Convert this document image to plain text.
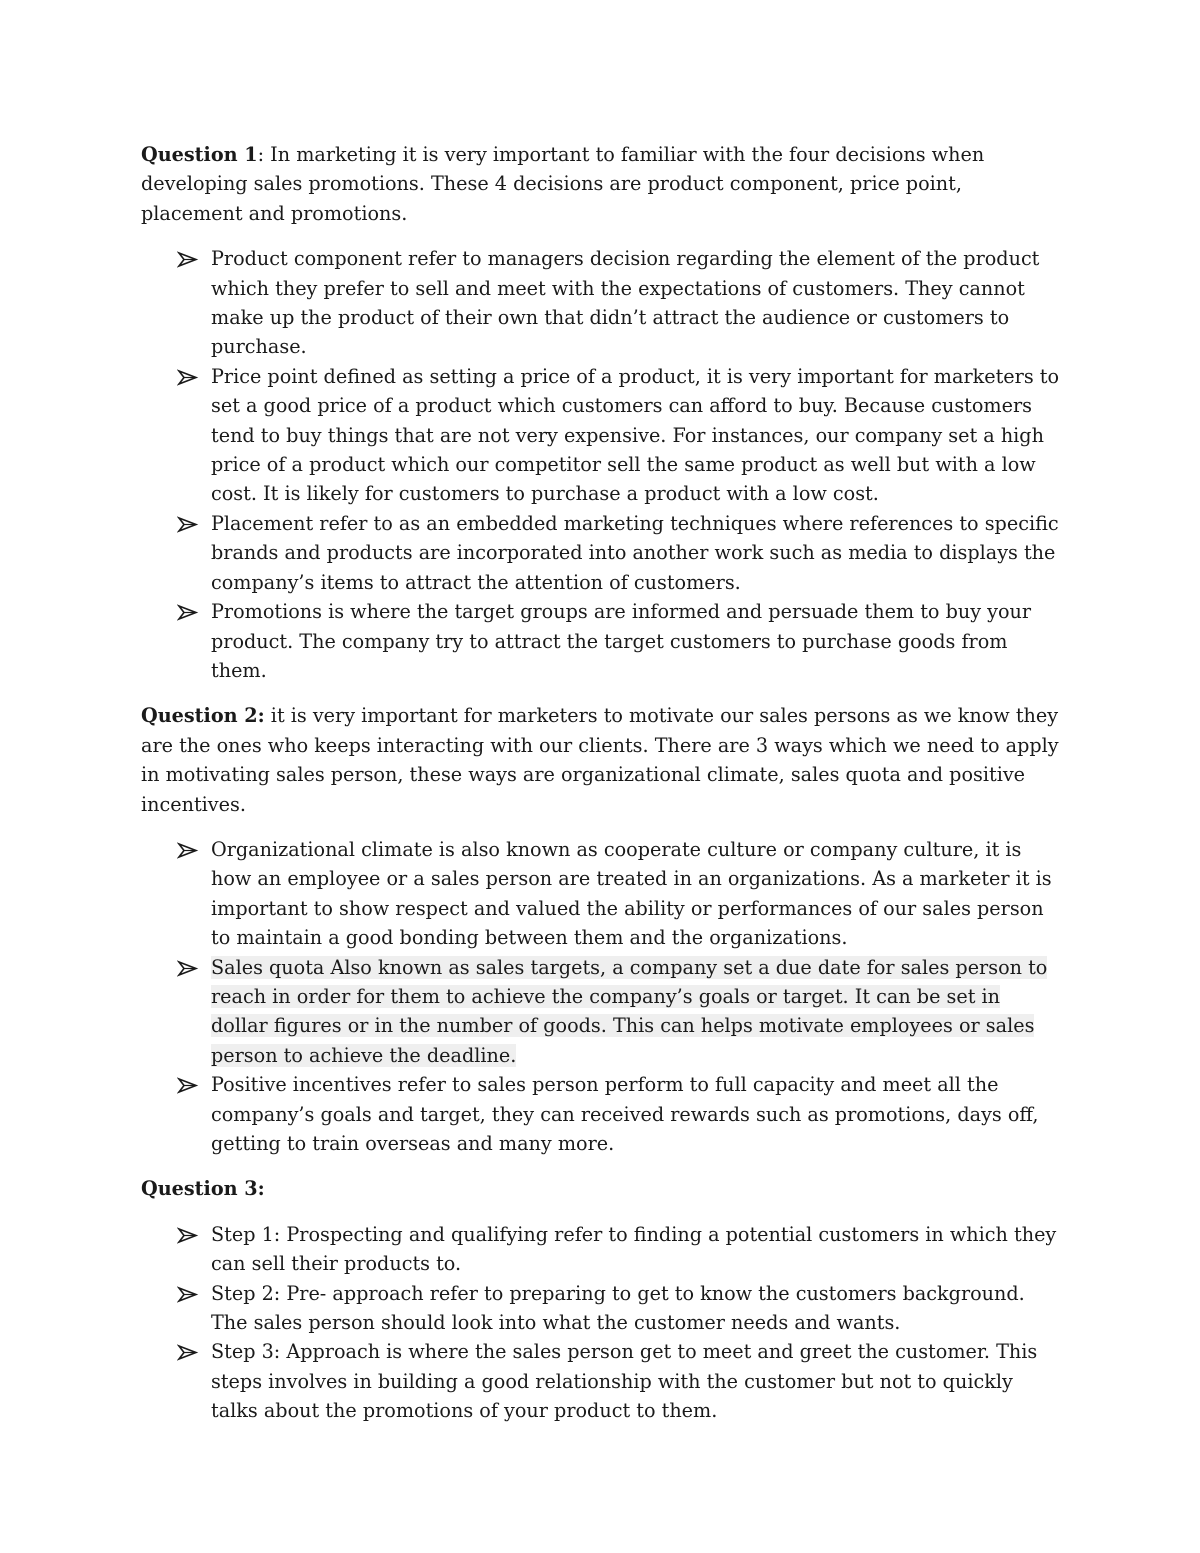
Question 1: In marketing it is very important to familiar with the four decisions when developing sales promotions. These 4 decisions are product component, price point, placement and promotions.

Product component refer to managers decision regarding the element of the product which they prefer to sell and meet with the expectations of customers. They cannot make up the product of their own that didn’t attract the audience or customers to purchase.
Price point defined as setting a price of a product, it is very important for marketers to set a good price of a product which customers can afford to buy. Because customers tend to buy things that are not very expensive. For instances, our company set a high price of a product which our competitor sell the same product as well but with a low cost. It is likely for customers to purchase a product with a low cost.
Placement refer to as an embedded marketing techniques where references to specific brands and products are incorporated into another work such as media to displays the company’s items to attract the attention of customers.
Promotions is where the target groups are informed and persuade them to buy your product. The company try to attract the target customers to purchase goods from them.

Question 2: it is very important for marketers to motivate our sales persons as we know they are the ones who keeps interacting with our clients. There are 3 ways which we need to apply in motivating sales person, these ways are organizational climate, sales quota and positive incentives.

Organizational climate is also known as cooperate culture or company culture, it is how an employee or a sales person are treated in an organizations. As a marketer it is important to show respect and valued the ability or performances of our sales person to maintain a good bonding between them and the organizations.
Sales quota Also known as sales targets, a company set a due date for sales person to reach in order for them to achieve the company’s goals or target. It can be set in dollar figures or in the number of goods. This can helps motivate employees or sales person to achieve the deadline.
Positive incentives refer to sales person perform to full capacity and meet all the company’s goals and target, they can received rewards such as promotions, days off, getting to train overseas and many more.

Question 3:

Step 1: Prospecting and qualifying refer to finding a potential customers in which they can sell their products to.
Step 2: Pre- approach refer to preparing to get to know the customers background. The sales person should look into what the customer needs and wants.
Step 3: Approach is where the sales person get to meet and greet the customer. This steps involves in building a good relationship with the customer but not to quickly talks about the promotions of your product to them.
